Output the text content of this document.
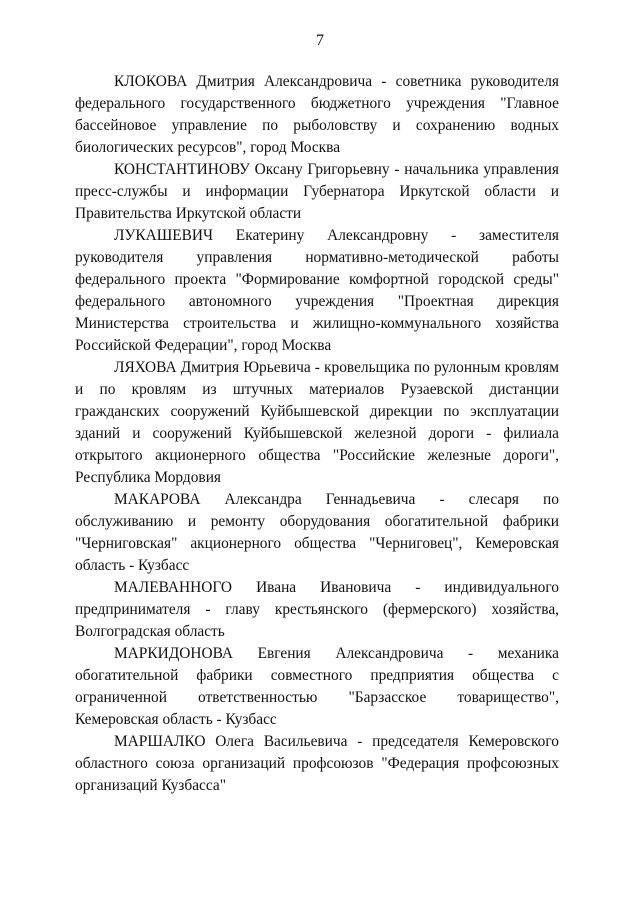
7

КЛОКОВА Дмитрия Александровича - советника руководителя федерального государственного бюджетного учреждения "Главное бассейновое управление по рыболовству и сохранению водных биологических ресурсов", город Москва

КОНСТАНТИНОВУ Оксану Григорьевну - начальника управления пресс-службы и информации Губернатора Иркутской области и Правительства Иркутской области

ЛУКАШЕВИЧ Екатерину Александровну - заместителя руководителя управления нормативно-методической работы федерального проекта "Формирование комфортной городской среды" федерального автономного учреждения "Проектная дирекция Министерства строительства и жилищно-коммунального хозяйства Российской Федерации", город Москва

ЛЯХОВА Дмитрия Юрьевича - кровельщика по рулонным кровлям и по кровлям из штучных материалов Рузаевской дистанции гражданских сооружений Куйбышевской дирекции по эксплуатации зданий и сооружений Куйбышевской железной дороги - филиала открытого акционерного общества "Российские железные дороги", Республика Мордовия

МАКАРОВА Александра Геннадьевича - слесаря по обслуживанию и ремонту оборудования обогатительной фабрики "Черниговская" акционерного общества "Черниговец", Кемеровская область - Кузбасс

МАЛЕВАННОГО Ивана Ивановича - индивидуального предпринимателя - главу крестьянского (фермерского) хозяйства, Волгоградская область

МАРКИДОНОВА Евгения Александровича - механика обогатительной фабрики совместного предприятия общества с ограниченной ответственностью "Барзасское товарищество", Кемеровская область - Кузбасс

МАРШАЛКО Олега Васильевича - председателя Кемеровского областного союза организаций профсоюзов "Федерация профсоюзных организаций Кузбасса"
